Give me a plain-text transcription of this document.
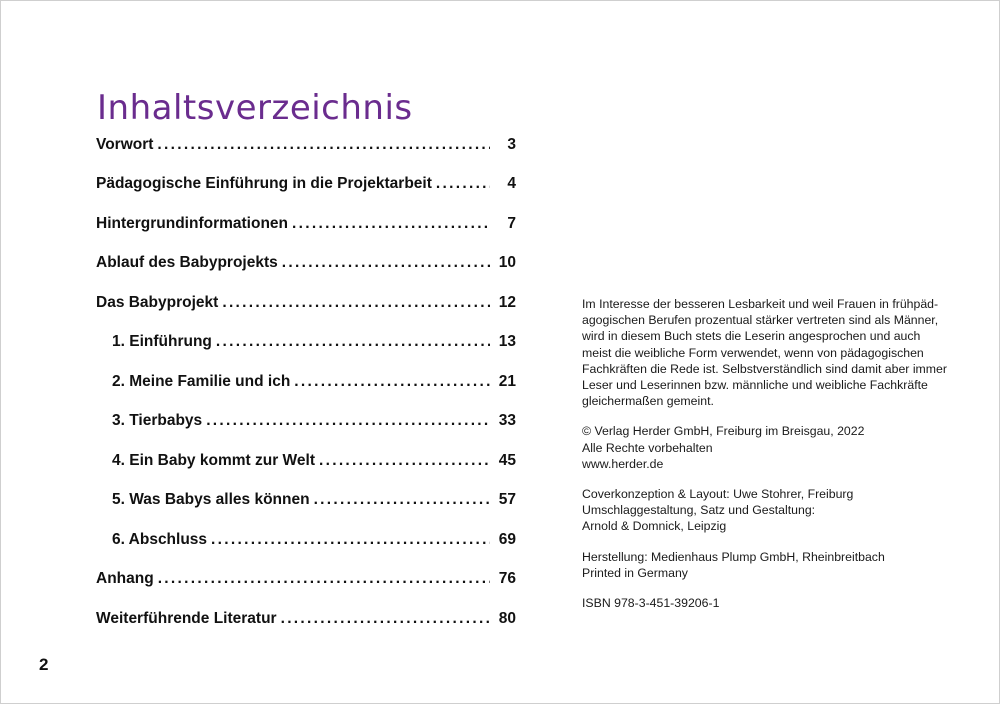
Inhaltsverzeichnis
Vorwort . . .	3
Pädagogische Einführung in die Projektarbeit . . .	4
Hintergrundinformationen . . .	7
Ablauf des Babyprojekts . . .	10
Das Babyprojekt . . .	12
1. Einführung . . .	13
2. Meine Familie und ich . . .	21
3. Tierbabys . . .	33
4. Ein Baby kommt zur Welt . . .	45
5. Was Babys alles können . . .	57
6. Abschluss . . .	69
Anhang . . .	76
Weiterführende Literatur . . .	80

Im Interesse der besseren Lesbarkeit und weil Frauen in frühpäd-
agogischen Berufen prozentual stärker vertreten sind als Männer,
wird in diesem Buch stets die Leserin angesprochen und auch
meist die weibliche Form verwendet, wenn von pädagogischen
Fachkräften die Rede ist. Selbstverständlich sind damit aber immer
Leser und Leserinnen bzw. männliche und weibliche Fachkräfte
gleichermaßen gemeint.

© Verlag Herder GmbH, Freiburg im Breisgau, 2022
Alle Rechte vorbehalten
www.herder.de

Coverkonzeption & Layout: Uwe Stohrer, Freiburg
Umschlaggestaltung, Satz und Gestaltung:
Arnold & Domnick, Leipzig

Herstellung: Medienhaus Plump GmbH, Rheinbreitbach
Printed in Germany

ISBN 978-3-451-39206-1

2
